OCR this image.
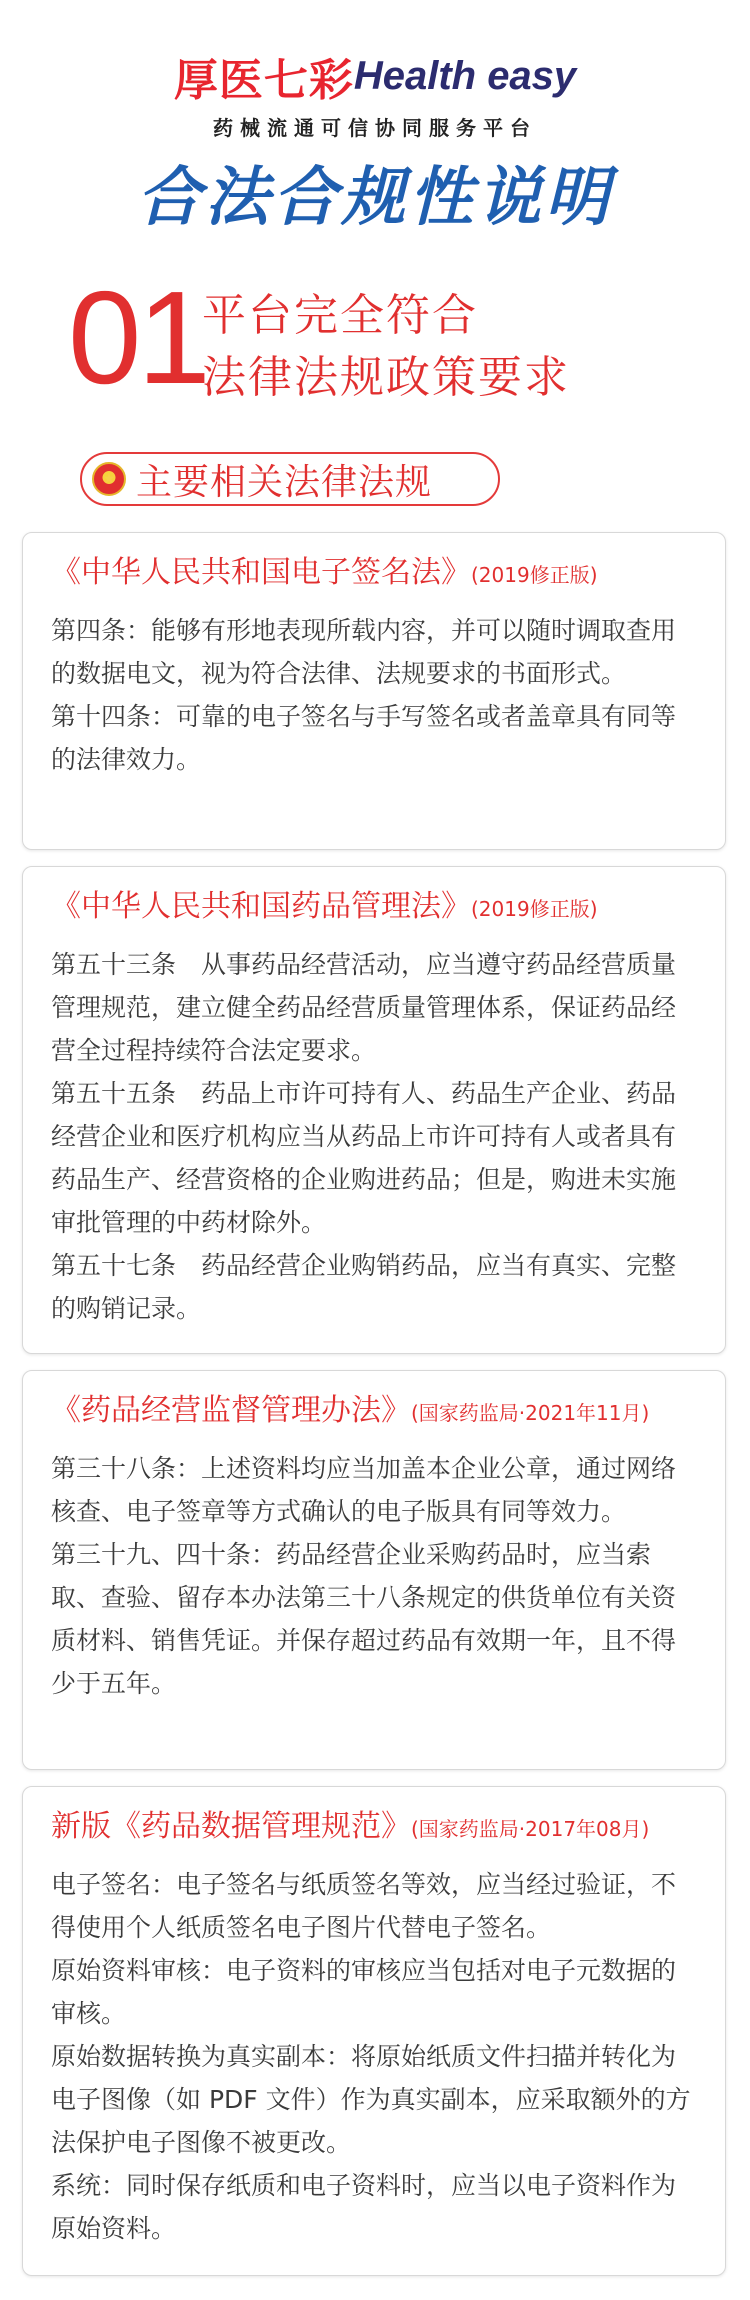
厚医七彩 Health easy
药械流通可信协同服务平台
合法合规性说明
01
平台完全符合
法律法规政策要求
★ 主要相关法律法规
《中华人民共和国电子签名法》(2019修正版)

第四条：能够有形地表现所载内容，并可以随时调取查用的数据电文，视为符合法律、法规要求的书面形式。

第十四条：可靠的电子签名与手写签名或者盖章具有同等的法律效力。

《中华人民共和国药品管理法》(2019修正版)

第五十三条　从事药品经营活动，应当遵守药品经营质量管理规范，建立健全药品经营质量管理体系，保证药品经营全过程持续符合法定要求。

第五十五条　药品上市许可持有人、药品生产企业、药品经营企业和医疗机构应当从药品上市许可持有人或者具有药品生产、经营资格的企业购进药品；但是，购进未实施审批管理的中药材除外。

第五十七条　药品经营企业购销药品，应当有真实、完整的购销记录。

《药品经营监督管理办法》(国家药监局·2021年11月)

第三十八条：上述资料均应当加盖本企业公章，通过网络核查、电子签章等方式确认的电子版具有同等效力。

第三十九、四十条：药品经营企业采购药品时，应当索取、查验、留存本办法第三十八条规定的供货单位有关资质材料、销售凭证。并保存超过药品有效期一年，且不得少于五年。

新版《药品数据管理规范》(国家药监局·2017年08月)

电子签名：电子签名与纸质签名等效，应当经过验证，不得使用个人纸质签名电子图片代替电子签名。

原始资料审核：电子资料的审核应当包括对电子元数据的审核。

原始数据转换为真实副本：将原始纸质文件扫描并转化为电子图像（如 PDF 文件）作为真实副本，应采取额外的方法保护电子图像不被更改。

系统：同时保存纸质和电子资料时，应当以电子资料作为原始资料。
